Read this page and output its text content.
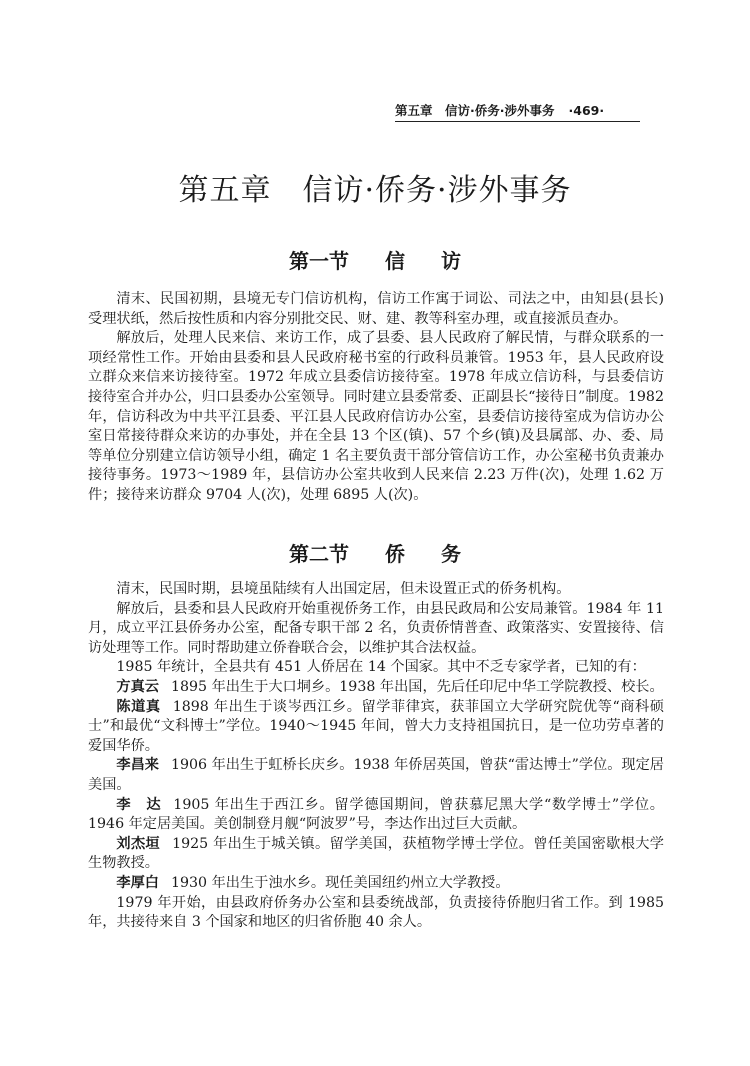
第五章　信访·侨务·涉外事务 ·469·
第五章　信访·侨务·涉外事务
第一节 信 访

清末、民国初期，县境无专门信访机构，信访工作寓于词讼、司法之中，由知县(县长)受理状纸，然后按性质和内容分别批交民、财、建、教等科室办理，或直接派员查办。

解放后，处理人民来信、来访工作，成了县委、县人民政府了解民情，与群众联系的一项经常性工作。开始由县委和县人民政府秘书室的行政科员兼管。1953 年，县人民政府设立群众来信来访接待室。1972 年成立县委信访接待室。1978 年成立信访科，与县委信访接待室合并办公，归口县委办公室领导。同时建立县委常委、正副县长“接待日”制度。1982 年，信访科改为中共平江县委、平江县人民政府信访办公室，县委信访接待室成为信访办公室日常接待群众来访的办事处，并在全县 13 个区(镇)、57 个乡(镇)及县属部、办、委、局等单位分别建立信访领导小组，确定 1 名主要负责干部分管信访工作，办公室秘书负责兼办接待事务。1973～1989 年，县信访办公室共收到人民来信 2.23 万件(次)，处理 1.62 万件；接待来访群众 9704 人(次)，处理 6895 人(次)。

第二节 侨 务

清末，民国时期，县境虽陆续有人出国定居，但未设置正式的侨务机构。

解放后，县委和县人民政府开始重视侨务工作，由县民政局和公安局兼管。1984 年 11 月，成立平江县侨务办公室，配备专职干部 2 名，负责侨情普查、政策落实、安置接待、信访处理等工作。同时帮助建立侨眷联合会，以维护其合法权益。

1985 年统计，全县共有 451 人侨居在 14 个国家。其中不乏专家学者，已知的有：

方真云 1895 年出生于大口垌乡。1938 年出国，先后任印尼中华工学院教授、校长。

陈道真 1898 年出生于谈岑西江乡。留学菲律宾，获菲国立大学研究院优等“商科硕士”和最优“文科博士”学位。1940～1945 年间，曾大力支持祖国抗日，是一位功劳卓著的爱国华侨。

李昌来 1906 年出生于虹桥长庆乡。1938 年侨居英国，曾获“雷达博士”学位。现定居美国。

李　达 1905 年出生于西江乡。留学德国期间，曾获慕尼黑大学“数学博士”学位。1946 年定居美国。美创制登月舰“阿波罗”号，李达作出过巨大贡献。

刘杰垣 1925 年出生于城关镇。留学美国，获植物学博士学位。曾任美国密歇根大学生物教授。

李厚白 1930 年出生于浊水乡。现任美国纽约州立大学教授。

1979 年开始，由县政府侨务办公室和县委统战部，负责接待侨胞归省工作。到 1985 年，共接待来自 3 个国家和地区的归省侨胞 40 余人。
